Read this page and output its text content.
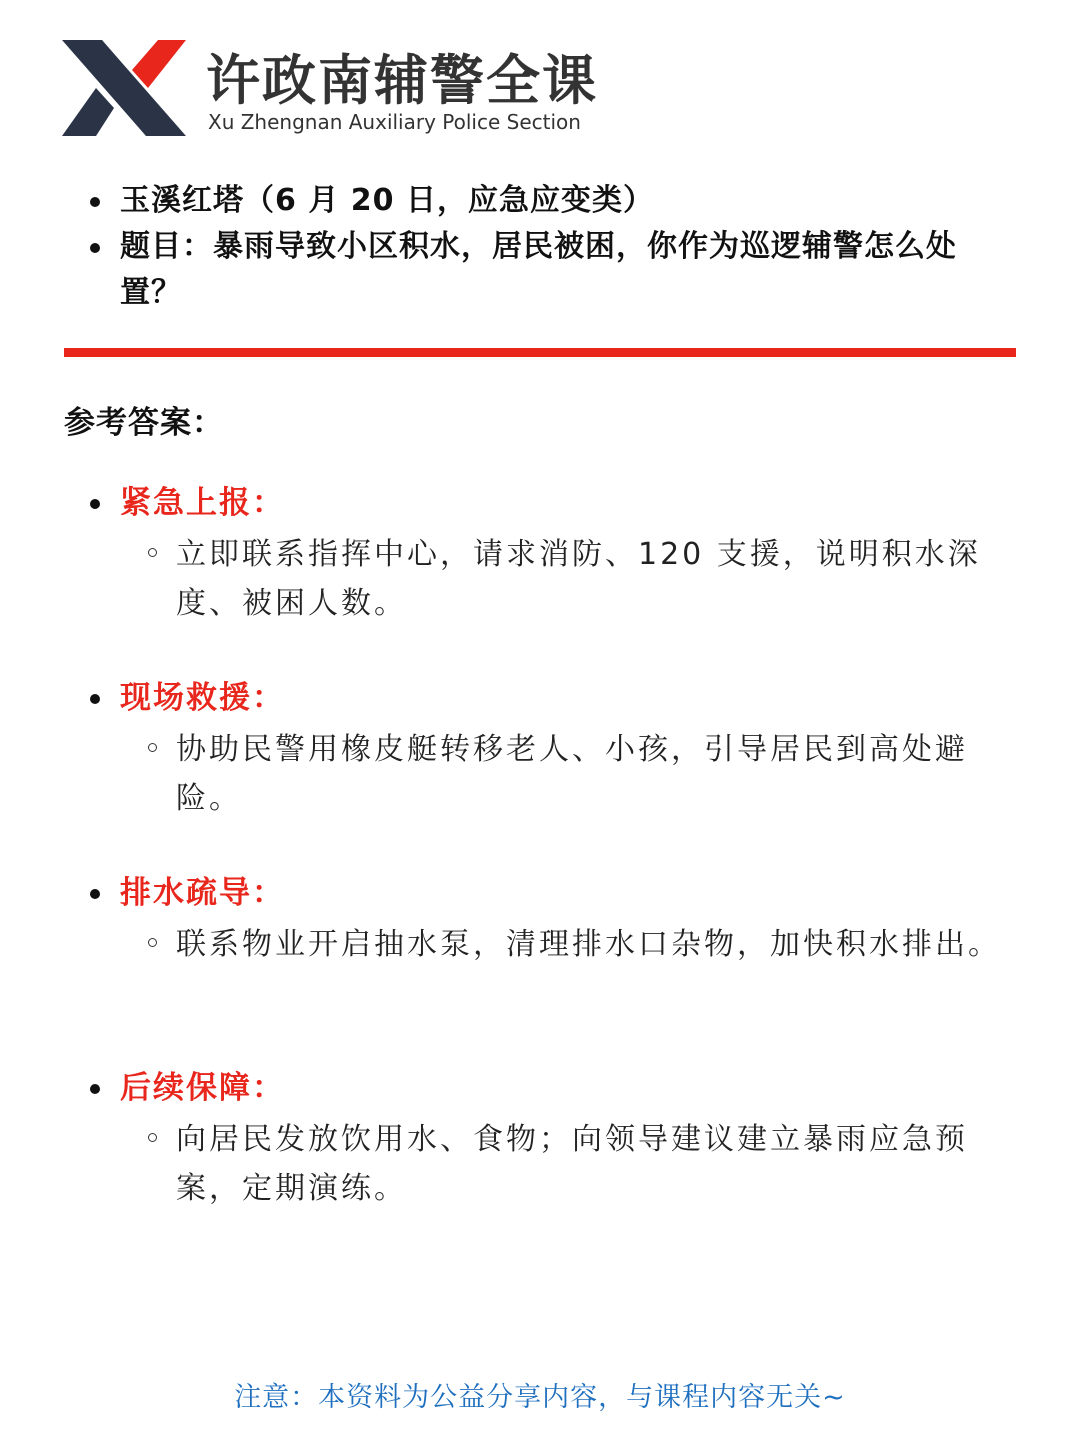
许政南辅警全课
Xu Zhengnan Auxiliary Police Section
玉溪红塔（6 月 20 日，应急应变类）
题目：暴雨导致小区积水，居民被困，你作为巡逻辅警怎么处置？
参考答案：
紧急上报：
立即联系指挥中心，请求消防、120 支援，说明积水深度、被困人数。
现场救援：
协助民警用橡皮艇转移老人、小孩，引导居民到高处避险。
排水疏导：
联系物业开启抽水泵，清理排水口杂物，加快积水排出。
后续保障：
向居民发放饮用水、食物；向领导建议建立暴雨应急预案，定期演练。
注意：本资料为公益分享内容，与课程内容无关~
